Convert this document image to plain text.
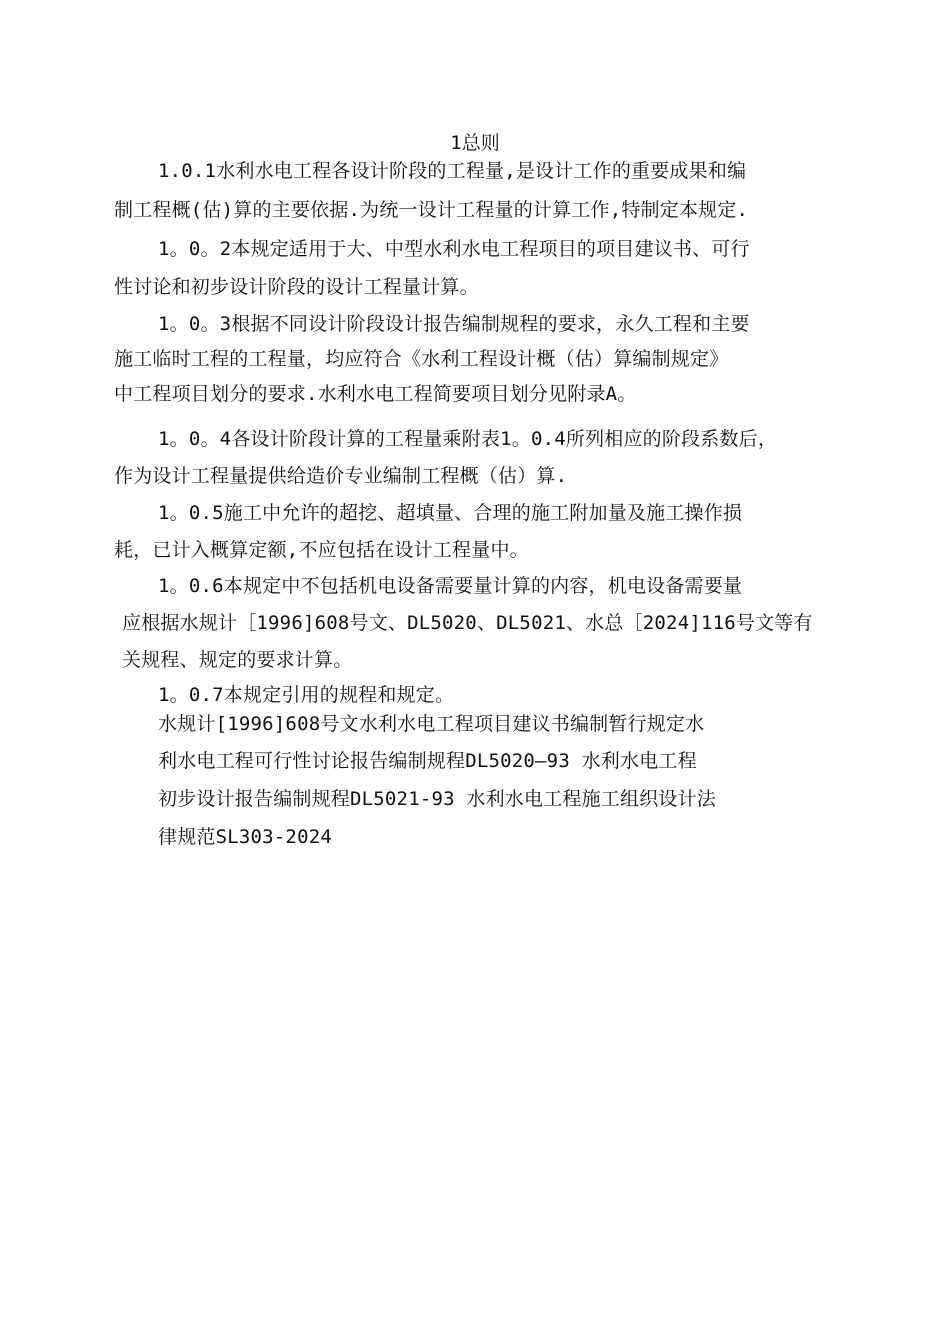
1总则
1.0.1水利水电工程各设计阶段的工程量,是设计工作的重要成果和编
制工程概(估)算的主要依据.为统一设计工程量的计算工作,特制定本规定.
1。0。2本规定适用于大、中型水利水电工程项目的项目建议书、可行
性讨论和初步设计阶段的设计工程量计算。
1。0。3根据不同设计阶段设计报告编制规程的要求，永久工程和主要
施工临时工程的工程量，均应符合《水利工程设计概（估）算编制规定》
中工程项目划分的要求.水利水电工程简要项目划分见附录A。
1。0。4各设计阶段计算的工程量乘附表1。0.4所列相应的阶段系数后，
作为设计工程量提供给造价专业编制工程概（估）算.
1。0.5施工中允许的超挖、超填量、合理的施工附加量及施工操作损
耗，已计入概算定额,不应包括在设计工程量中。
1。0.6本规定中不包括机电设备需要量计算的内容，机电设备需要量
应根据水规计［1996]608号文、DL5020、DL5021、水总［2024]116号文等有
关规程、规定的要求计算。
1。0.7本规定引用的规程和规定。
水规计[1996]608号文水利水电工程项目建议书编制暂行规定水
利水电工程可行性讨论报告编制规程DL5020—93 水利水电工程
初步设计报告编制规程DL5021-93 水利水电工程施工组织设计法
律规范SL303-2024
